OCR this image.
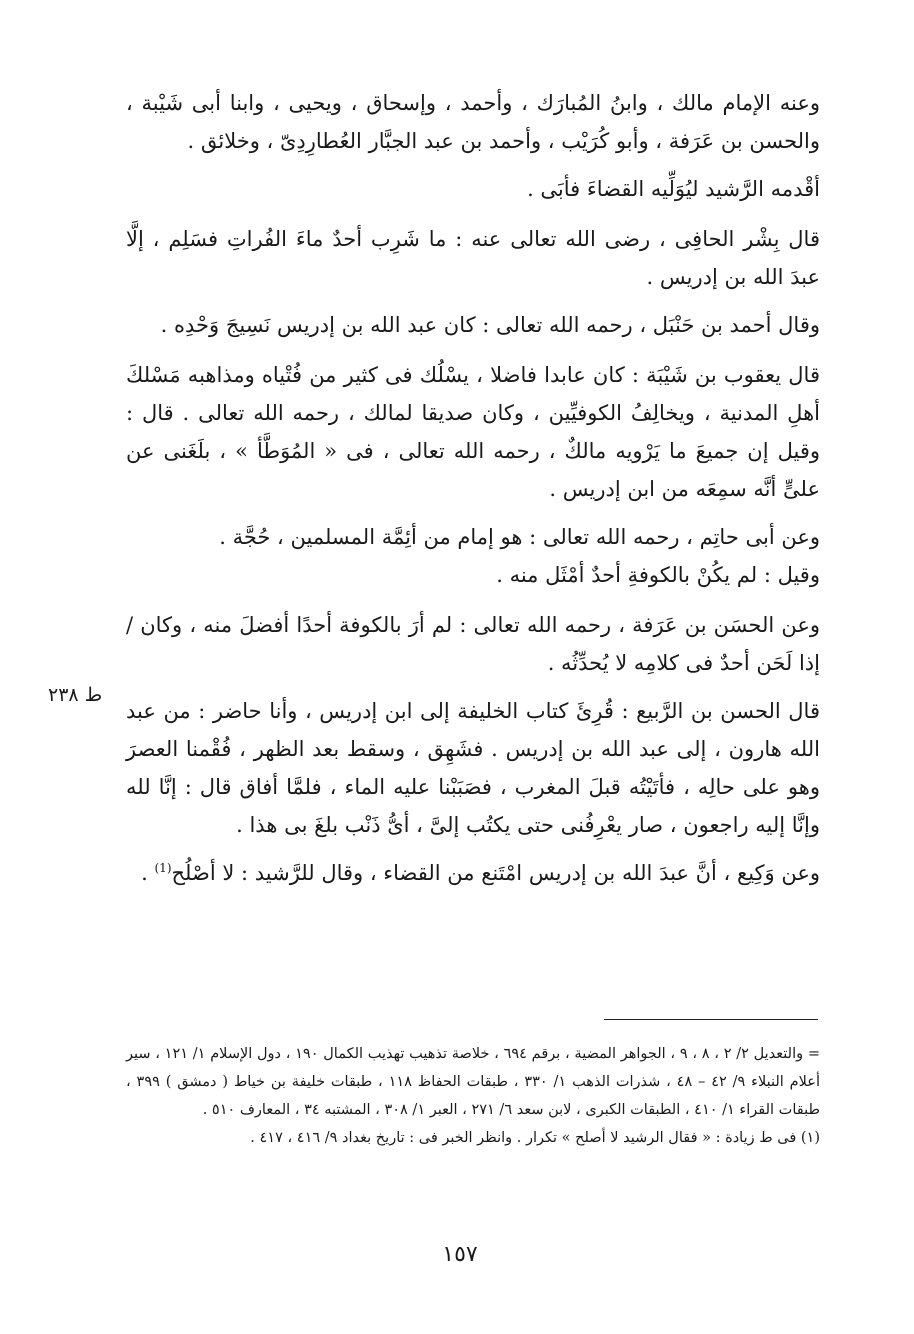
وعنه الإمام مالك ، وابنُ المُبارَك ، وأحمد ، وإسحاق ، ويحيى ، وابنا أبى شَيْبة ، والحسن بن عَرَفة ، وأبو كُرَيْب ، وأحمد بن عبد الجبَّار العُطارِدِىّ ، وخلائق .

أقْدمه الرَّشيد ليُوَلِّيه القضاءَ فأبَى .

قال بِشْر الحافِى ، رضى الله تعالى عنه : ما شَرِب أحدٌ ماءَ الفُراتِ فسَلِم ، إلَّا عبدَ الله بن إدريس .

وقال أحمد بن حَنْبَل ، رحمه الله تعالى : كان عبد الله بن إدريس نَسِيجَ وَحْدِه .

قال يعقوب بن شَيْبَة : كان عابدا فاضلا ، يسْلُك فى كثير من فُتْياه ومذاهبه مَسْلكَ أهلِ المدنية ، ويخالِفُ الكوفيِّين ، وكان صديقا لمالك ، رحمه الله تعالى . قال : وقيل إن جميعَ ما يَرْويه مالكٌ ، رحمه الله تعالى ، فى « المُوَطَّأ » ، بلَغَنى عن علىٍّ أنَّه سمِعَه من ابن إدريس .

وعن أبى حاتِم ، رحمه الله تعالى : هو إمام من أئِمَّة المسلمين ، حُجَّة .

وقيل : لم يكُنْ بالكوفةِ أحدٌ أمْثَل منه .

وعن الحسَن بن عَرَفة ، رحمه الله تعالى : لم أرَ بالكوفة أحدًا أفضلَ منه ، وكان /إذا لَحَن أحدٌ فى كلامِه لا يُحدِّثُه .

قال الحسن بن الرَّبيع : قُرِئَ كتاب الخليفة إلى ابن إدريس ، وأنا حاضر : من عبد الله هارون ، إلى عبد الله بن إدريس . فشَهِق ، وسقط بعد الظهر ، فُقْمنا العصرَ وهو على حالِه ، فأتَيْتُه قبلَ المغرب ، فصَبَبْنا عليه الماء ، فلمَّا أفاق قال : إنَّا لله وإنَّا إليه راجعون ، صار يعْرِفُنى حتى يكتُب إلىَّ ، أىُّ ذَنْب بلغَ بى هذا .

وعن وَكِيع ، أنَّ عبدَ الله بن إدريس امْتَنع من القضاء ، وقال للرَّشيد : لا أصْلُح$^{(1)}$ .

ط ٢٣٨

= والتعديل ٢/ ٢ ، ٨ ، ٩ ، الجواهر المضية ، برقم ٦٩٤ ، خلاصة تذهيب تهذيب الكمال ١٩٠ ، دول الإسلام ١/ ١٢١ ، سير أعلام النبلاء ٩/ ٤٢ – ٤٨ ، شذرات الذهب ١/ ٣٣٠ ، طبقات الحفاظ ١١٨ ، طبقات خليفة بن خياط ( دمشق ) ٣٩٩ ، طبقات القراء ١/ ٤١٠ ، الطبقات الكبرى ، لابن سعد ٦/ ٢٧١ ، العبر ١/ ٣٠٨ ، المشتبه ٣٤ ، المعارف ٥١٠ .

(١) فى ط زيادة : « فقال الرشيد لا أصلح » تكرار . وانظر الخبر فى : تاريخ بغداد ٩/ ٤١٦ ، ٤١٧ .

١٥٧
